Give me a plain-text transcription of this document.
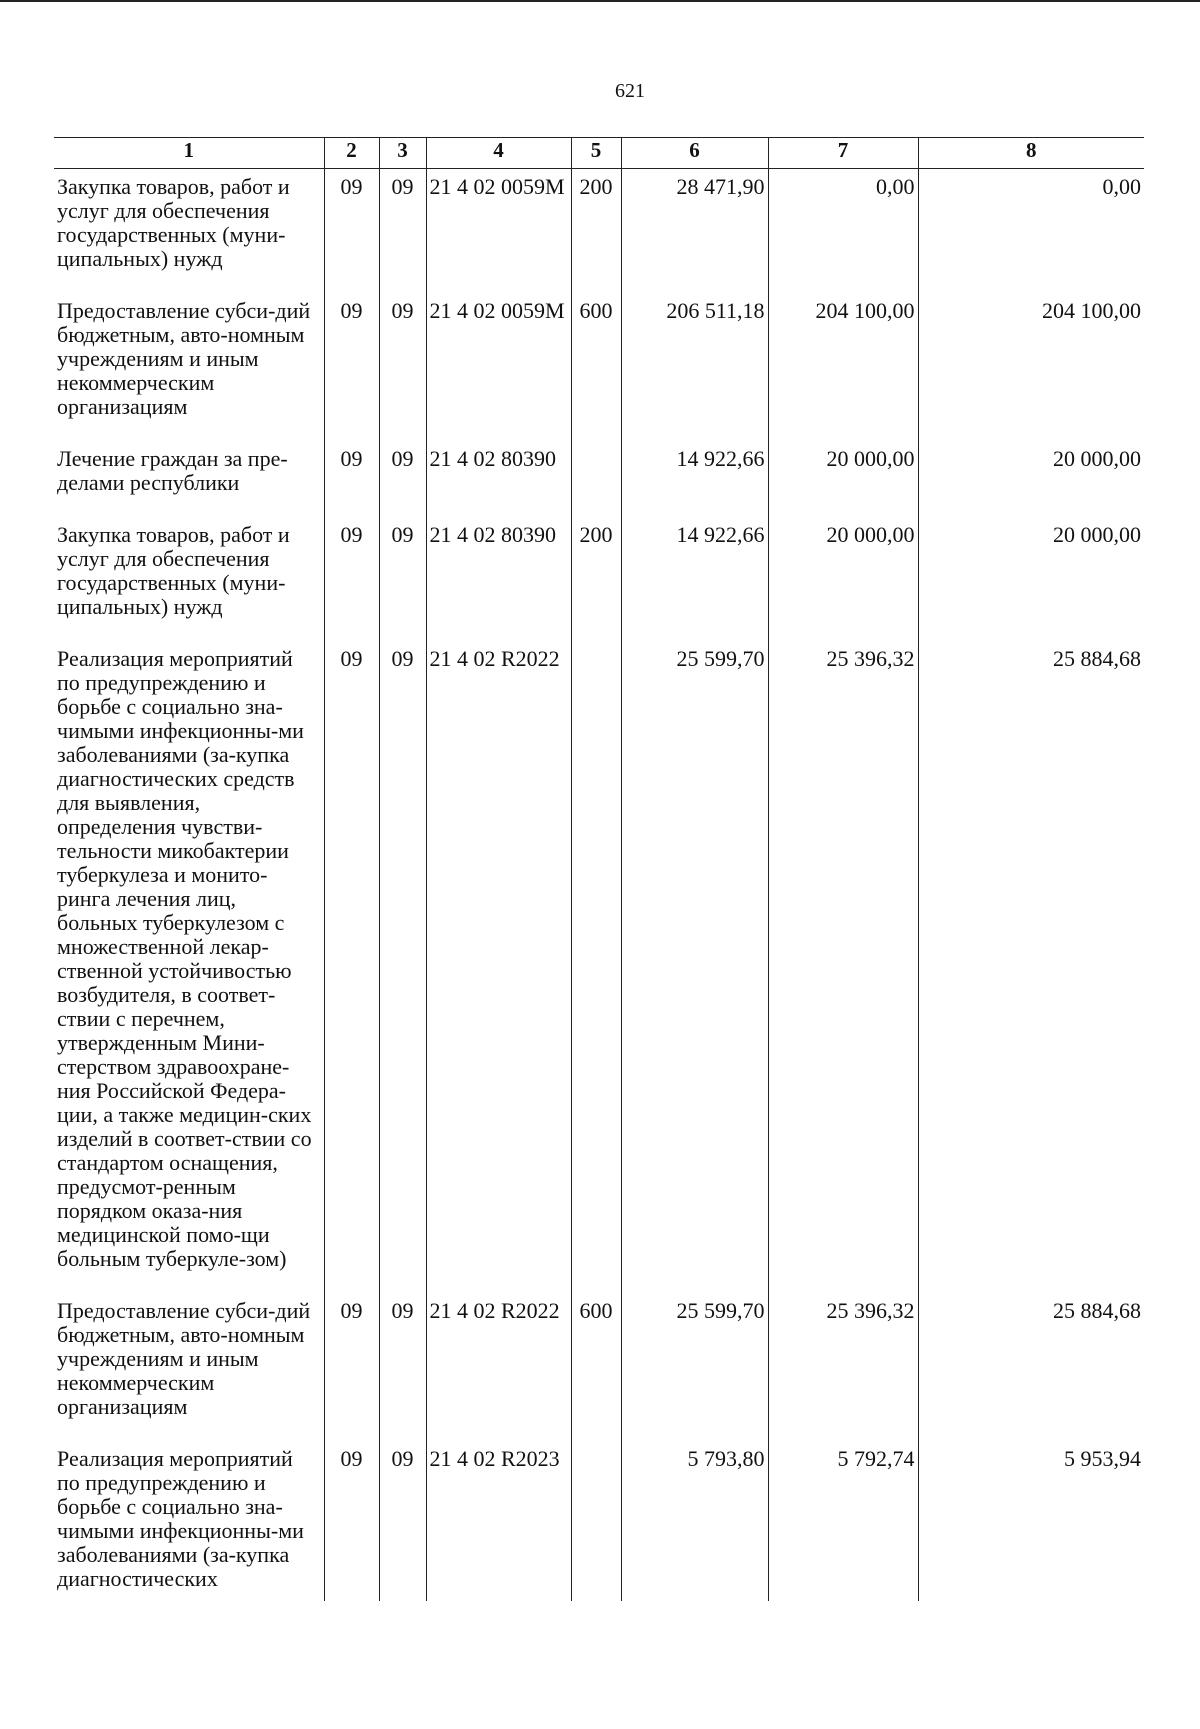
621
1	2	3	4	5	6	7	8
Закупка товаров, работ и услуг для обеспечения государственных (муни-ципальных) нужд	09	09	21 4 02 0059М	200	28 471,90	0,00	0,00
Предоставление субси-дий бюджетным, авто-номным учреждениям и иным некоммерческим организациям	09	09	21 4 02 0059М	600	206 511,18	204 100,00	204 100,00
Лечение граждан за пре-делами республики	09	09	21 4 02 80390		14 922,66	20 000,00	20 000,00
Закупка товаров, работ и услуг для обеспечения государственных (муни-ципальных) нужд	09	09	21 4 02 80390	200	14 922,66	20 000,00	20 000,00
Реализация мероприятий по предупреждению и борьбе с социально зна-чимыми инфекционны-ми заболеваниями (за-купка диагностических средств для выявления, определения чувстви-тельности микобактерии туберкулеза и монито-ринга лечения лиц, больных туберкулезом с множественной лекар-ственной устойчивостью возбудителя, в соответ-ствии с перечнем, утвержденным Мини-стерством здравоохране-ния Российской Федера-ции, а также медицин-ских изделий в соответ-ствии со стандартом оснащения, предусмот-ренным порядком оказа-ния медицинской помо-щи больным туберкуле-зом)	09	09	21 4 02 R2022		25 599,70	25 396,32	25 884,68
Предоставление субси-дий бюджетным, авто-номным учреждениям и иным некоммерческим организациям	09	09	21 4 02 R2022	600	25 599,70	25 396,32	25 884,68
Реализация мероприятий по предупреждению и борьбе с социально зна-чимыми инфекционны-ми заболеваниями (за-купка диагностических	09	09	21 4 02 R2023		5 793,80	5 792,74	5 953,94
